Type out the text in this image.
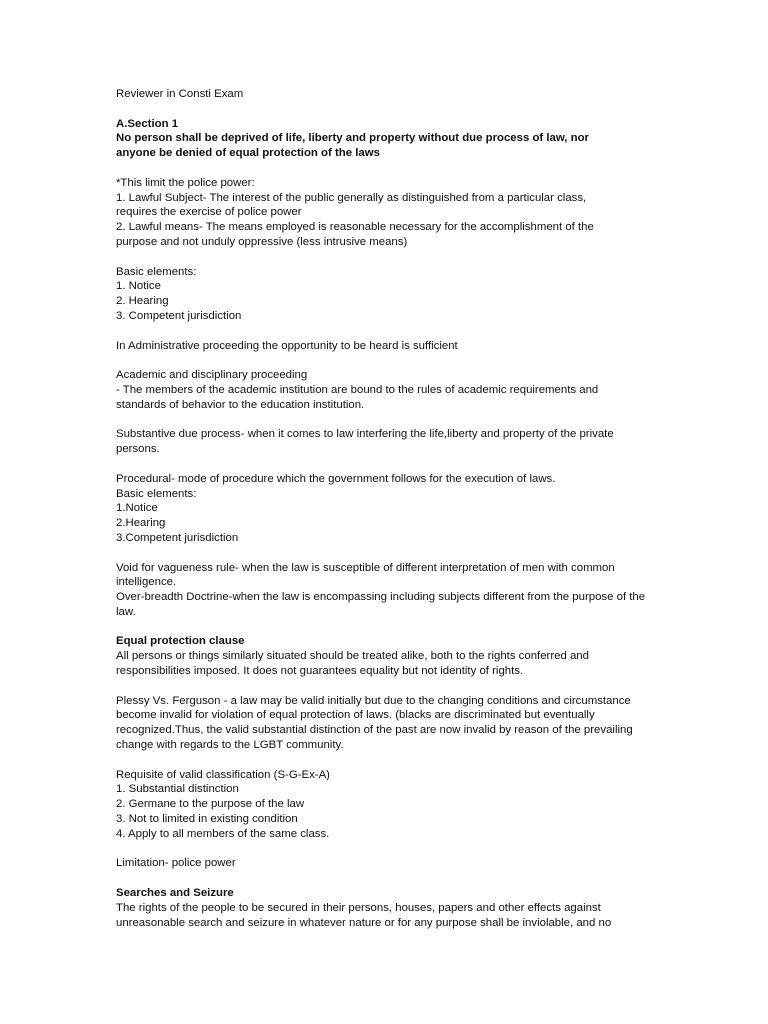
Reviewer in Consti Exam
A.Section 1
No person shall be deprived of life, liberty and property without due process of law, nor anyone be denied of equal protection of the laws
*This limit the police power:
1. Lawful Subject- The interest of the public generally as distinguished from a particular class, requires the exercise of police power
2. Lawful means- The means employed is reasonable necessary for the accomplishment of the purpose and not unduly oppressive (less intrusive means)
Basic elements:
1. Notice
2. Hearing
3. Competent jurisdiction
In Administrative proceeding the opportunity to be heard is sufficient
Academic and disciplinary proceeding
- The members of the academic institution are bound to the rules of academic requirements and standards of behavior to the education institution.
Substantive due process- when it comes to law interfering the life,liberty and property of the private persons.
Procedural- mode of procedure which the government follows for the execution of laws.
Basic elements:
1.Notice
2.Hearing
3.Competent jurisdiction
Void for vagueness rule- when the law is susceptible of different interpretation of men with common intelligence.
Over-breadth Doctrine-when the law is encompassing including subjects different from the purpose of the law.
Equal protection clause
All persons or things similarly situated should be treated alike, both to the rights conferred and responsibilities imposed. It does not guarantees equality but not identity of rights.
Plessy Vs. Ferguson - a law may be valid initially but due to the changing conditions and circumstance become invalid for violation of equal protection of laws. (blacks are discriminated but eventually recognized.Thus, the valid substantial distinction of the past are now invalid by reason of the prevailing change with regards to the LGBT community.
Requisite of valid classification (S-G-Ex-A)
1. Substantial distinction
2. Germane to the purpose of the law
3. Not to limited in existing condition
4. Apply to all members of the same class.
Limitation- police power
Searches and Seizure
The rights of the people to be secured in their persons, houses, papers and other effects against unreasonable search and seizure in whatever nature or for any purpose shall be inviolable, and no
